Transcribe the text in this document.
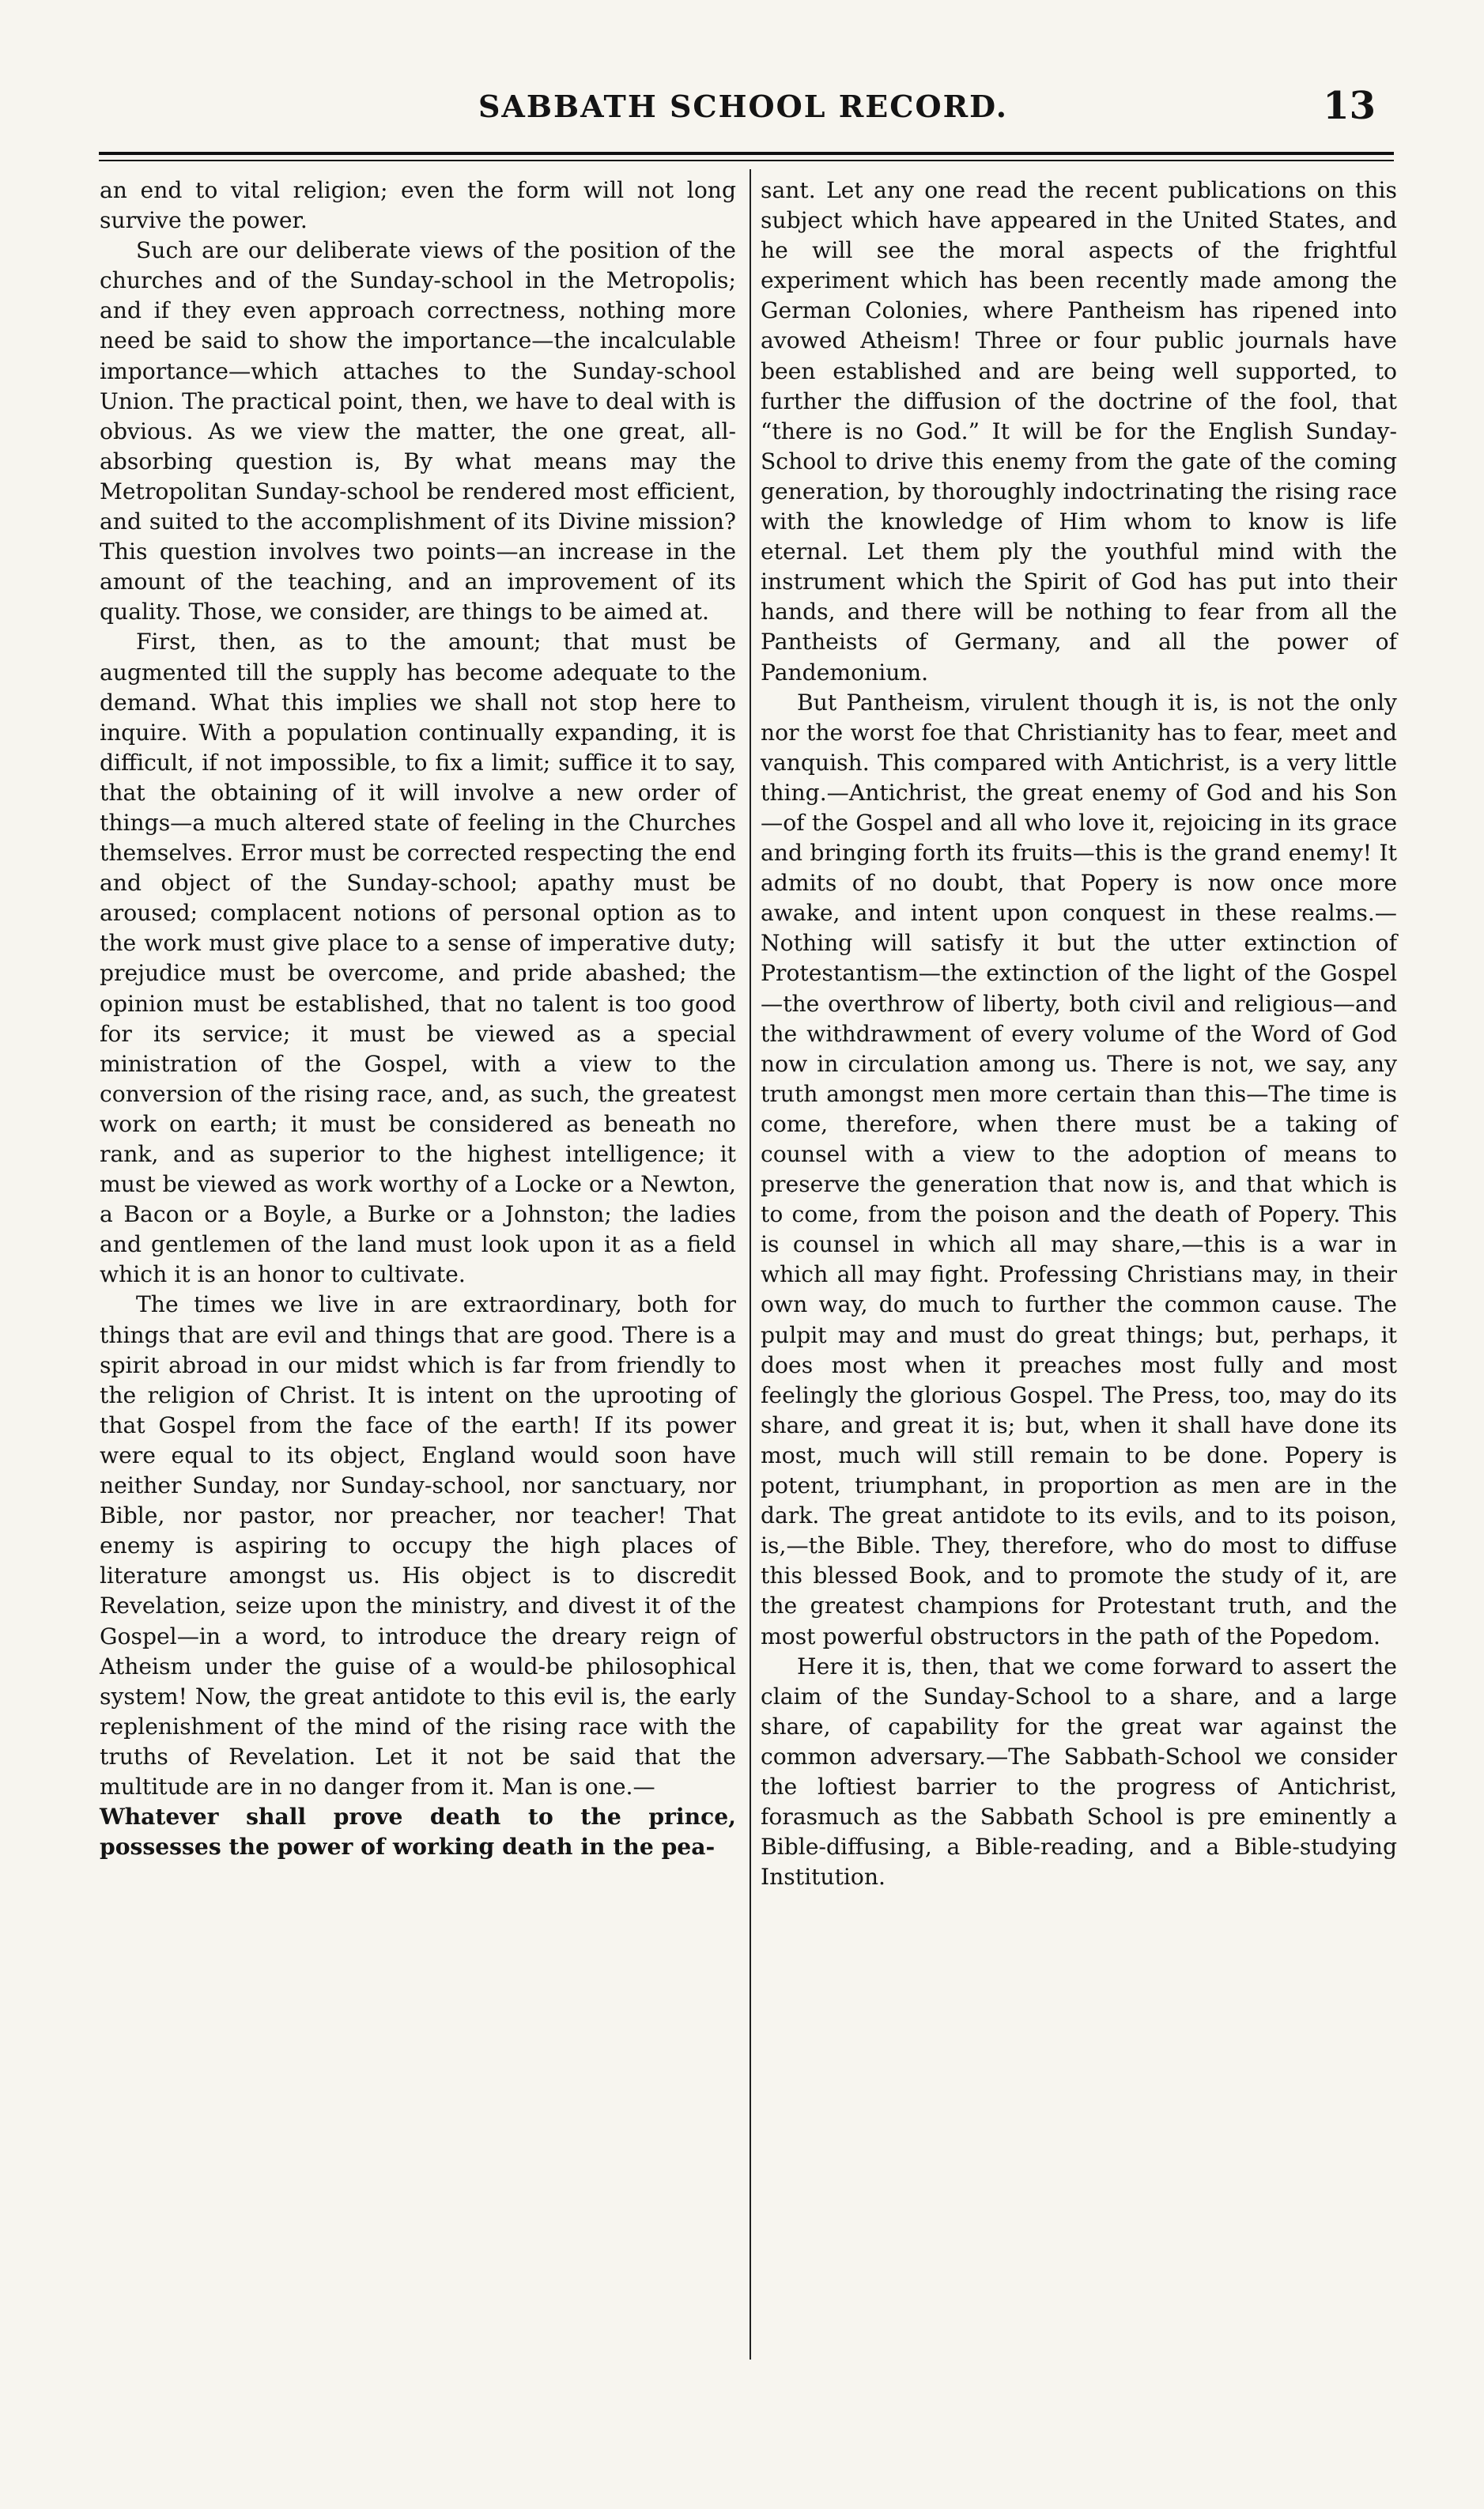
SABBATH SCHOOL RECORD.	13

an end to vital religion; even the form will not long survive the power.

Such are our deliberate views of the position of the churches and of the Sunday-school in the Metropolis; and if they even approach correctness, nothing more need be said to show the importance—the incalculable importance—which attaches to the Sunday-school Union. The practical point, then, we have to deal with is obvious. As we view the matter, the one great, all-absorbing question is, By what means may the Metropolitan Sunday-school be rendered most efficient, and suited to the accomplishment of its Divine mission? This question involves two points—an increase in the amount of the teaching, and an improvement of its quality. Those, we consider, are things to be aimed at.

First, then, as to the amount; that must be augmented till the supply has become adequate to the demand. What this implies we shall not stop here to inquire. With a population continually expanding, it is difficult, if not impossible, to fix a limit; suffice it to say, that the obtaining of it will involve a new order of things—a much altered state of feeling in the Churches themselves. Error must be corrected respecting the end and object of the Sunday-school; apathy must be aroused; complacent notions of personal option as to the work must give place to a sense of imperative duty; prejudice must be overcome, and pride abashed; the opinion must be established, that no talent is too good for its service; it must be viewed as a special ministration of the Gospel, with a view to the conversion of the rising race, and, as such, the greatest work on earth; it must be considered as beneath no rank, and as superior to the highest intelligence; it must be viewed as work worthy of a Locke or a Newton, a Bacon or a Boyle, a Burke or a Johnston; the ladies and gentlemen of the land must look upon it as a field which it is an honor to cultivate.

The times we live in are extraordinary, both for things that are evil and things that are good. There is a spirit abroad in our midst which is far from friendly to the religion of Christ. It is intent on the uprooting of that Gospel from the face of the earth! If its power were equal to its object, England would soon have neither Sunday, nor Sunday-school, nor sanctuary, nor Bible, nor pastor, nor preacher, nor teacher! That enemy is aspiring to occupy the high places of literature amongst us. His object is to discredit Revelation, seize upon the ministry, and divest it of the Gospel—in a word, to introduce the dreary reign of Atheism under the guise of a would-be philosophical system! Now, the great antidote to this evil is, the early replenishment of the mind of the rising race with the truths of Revelation. Let it not be said that the multitude are in no danger from it. Man is one.—

Whatever shall prove death to the prince, possesses the power of working death in the pea-

sant. Let any one read the recent publications on this subject which have appeared in the United States, and he will see the moral aspects of the frightful experiment which has been recently made among the German Colonies, where Pantheism has ripened into avowed Atheism! Three or four public journals have been established and are being well supported, to further the diffusion of the doctrine of the fool, that “there is no God.” It will be for the English Sunday-School to drive this enemy from the gate of the coming generation, by thoroughly indoctrinating the rising race with the knowledge of Him whom to know is life eternal. Let them ply the youthful mind with the instrument which the Spirit of God has put into their hands, and there will be nothing to fear from all the Pantheists of Germany, and all the power of Pandemonium.

But Pantheism, virulent though it is, is not the only nor the worst foe that Christianity has to fear, meet and vanquish. This compared with Antichrist, is a very little thing.—Antichrist, the great enemy of God and his Son—of the Gospel and all who love it, rejoicing in its grace and bringing forth its fruits—this is the grand enemy! It admits of no doubt, that Popery is now once more awake, and intent upon conquest in these realms.—Nothing will satisfy it but the utter extinction of Protestantism—the extinction of the light of the Gospel—the overthrow of liberty, both civil and religious—and the withdrawment of every volume of the Word of God now in circulation among us. There is not, we say, any truth amongst men more certain than this—The time is come, therefore, when there must be a taking of counsel with a view to the adoption of means to preserve the generation that now is, and that which is to come, from the poison and the death of Popery. This is counsel in which all may share,—this is a war in which all may fight. Professing Christians may, in their own way, do much to further the common cause. The pulpit may and must do great things; but, perhaps, it does most when it preaches most fully and most feelingly the glorious Gospel. The Press, too, may do its share, and great it is; but, when it shall have done its most, much will still remain to be done. Popery is potent, triumphant, in proportion as men are in the dark. The great antidote to its evils, and to its poison, is,—the Bible. They, therefore, who do most to diffuse this blessed Book, and to promote the study of it, are the greatest champions for Protestant truth, and the most powerful obstructors in the path of the Popedom.

Here it is, then, that we come forward to assert the claim of the Sunday-School to a share, and a large share, of capability for the great war against the common adversary.—The Sabbath-School we consider the loftiest barrier to the progress of Antichrist, forasmuch as the Sabbath School is pre eminently a Bible-diffusing, a Bible-reading, and a Bible-studying Institution.
